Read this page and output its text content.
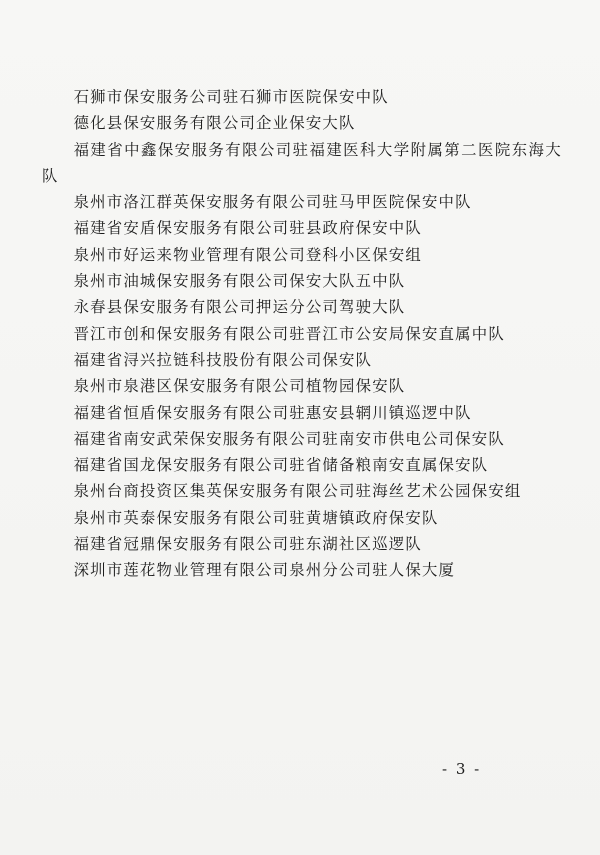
石狮市保安服务公司驻石狮市医院保安中队
德化县保安服务有限公司企业保安大队
福建省中鑫保安服务有限公司驻福建医科大学附属第二医院东海大队
泉州市洛江群英保安服务有限公司驻马甲医院保安中队
福建省安盾保安服务有限公司驻县政府保安中队
泉州市好运来物业管理有限公司登科小区保安组
泉州市油城保安服务有限公司保安大队五中队
永春县保安服务有限公司押运分公司驾驶大队
晋江市创和保安服务有限公司驻晋江市公安局保安直属中队
福建省浔兴拉链科技股份有限公司保安队
泉州市泉港区保安服务有限公司植物园保安队
福建省恒盾保安服务有限公司驻惠安县辋川镇巡逻中队
福建省南安武荣保安服务有限公司驻南安市供电公司保安队
福建省国龙保安服务有限公司驻省储备粮南安直属保安队
泉州台商投资区集英保安服务有限公司驻海丝艺术公园保安组
泉州市英泰保安服务有限公司驻黄塘镇政府保安队
福建省冠鼎保安服务有限公司驻东湖社区巡逻队
深圳市莲花物业管理有限公司泉州分公司驻人保大厦
- 3 -
